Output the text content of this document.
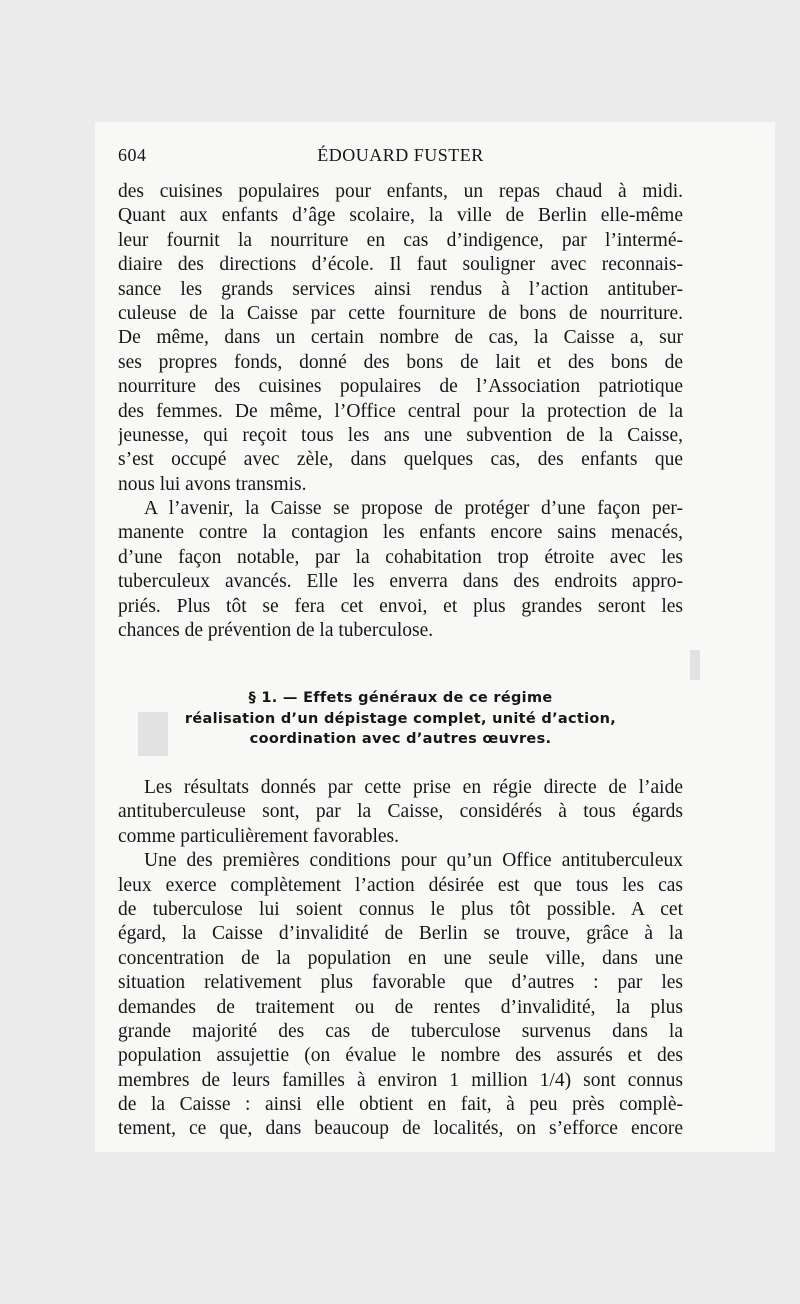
604	ÉDOUARD FUSTER
des cuisines populaires pour enfants, un repas chaud à midi.
Quant aux enfants d’âge scolaire, la ville de Berlin elle-même
leur fournit la nourriture en cas d’indigence, par l’intermé-
diaire des directions d’école. Il faut souligner avec reconnais-
sance les grands services ainsi rendus à l’action antituber-
culeuse de la Caisse par cette fourniture de bons de nourriture.
De même, dans un certain nombre de cas, la Caisse a, sur
ses propres fonds, donné des bons de lait et des bons de
nourriture des cuisines populaires de l’Association patriotique
des femmes. De même, l’Office central pour la protection de la
jeunesse, qui reçoit tous les ans une subvention de la Caisse,
s’est occupé avec zèle, dans quelques cas, des enfants que
nous lui avons transmis.
A l’avenir, la Caisse se propose de protéger d’une façon per-
manente contre la contagion les enfants encore sains menacés,
d’une façon notable, par la cohabitation trop étroite avec les
tuberculeux avancés. Elle les enverra dans des endroits appro-
priés. Plus tôt se fera cet envoi, et plus grandes seront les
chances de prévention de la tuberculose.
§ 1. — Effets généraux de ce régime
réalisation d’un dépistage complet, unité d’action,
coordination avec d’autres œuvres.
Les résultats donnés par cette prise en régie directe de l’aide
antituberculeuse sont, par la Caisse, considérés à tous égards
comme particulièrement favorables.
Une des premières conditions pour qu’un Office antituberculeux
leux exerce complètement l’action désirée est que tous les cas
de tuberculose lui soient connus le plus tôt possible. A cet
égard, la Caisse d’invalidité de Berlin se trouve, grâce à la
concentration de la population en une seule ville, dans une
situation relativement plus favorable que d’autres : par les
demandes de traitement ou de rentes d’invalidité, la plus
grande majorité des cas de tuberculose survenus dans la
population assujettie (on évalue le nombre des assurés et des
membres de leurs familles à environ 1 million 1/4) sont connus
de la Caisse : ainsi elle obtient en fait, à peu près complè-
tement, ce que, dans beaucoup de localités, on s’efforce encore
